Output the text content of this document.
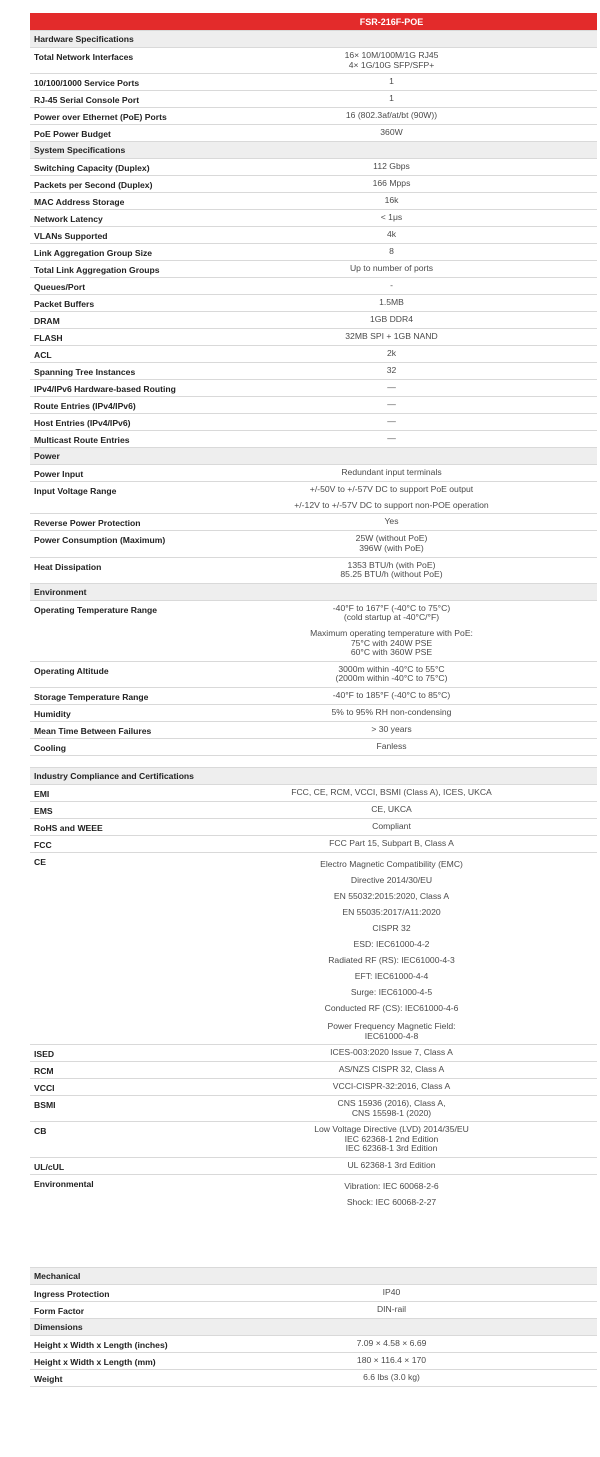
FSR-216F-POE
Hardware Specifications
Total Network Interfaces	16× 10M/100M/1G RJ45
4× 1G/10G SFP/SFP+
10/100/1000 Service Ports	1
RJ-45 Serial Console Port	1
Power over Ethernet (PoE) Ports	16 (802.3af/at/bt (90W))
PoE Power Budget	360W
System Specifications
Switching Capacity (Duplex)	112 Gbps
Packets per Second (Duplex)	166 Mpps
MAC Address Storage	16k
Network Latency	< 1μs
VLANs Supported	4k
Link Aggregation Group Size	8
Total Link Aggregation Groups	Up to number of ports
Queues/Port	-
Packet Buffers	1.5MB
DRAM	1GB DDR4
FLASH	32MB SPI + 1GB NAND
ACL	2k
Spanning Tree Instances	32
IPv4/IPv6 Hardware-based Routing	—
Route Entries (IPv4/IPv6)	—
Host Entries (IPv4/IPv6)	—
Multicast Route Entries	—
Power
Power Input	Redundant input terminals
Input Voltage Range	+/-50V to +/-57V DC to support PoE output
+/-12V to +/-57V DC to support non-POE operation
Reverse Power Protection	Yes
Power Consumption (Maximum)	25W (without PoE)
396W (with PoE)
Heat Dissipation	1353 BTU/h (with PoE)
85.25 BTU/h (without PoE)
Environment
Operating Temperature Range	-40°F to 167°F (-40°C to 75°C)
(cold startup at -40°C/°F)
Maximum operating temperature with PoE:
75°C with 240W PSE
60°C with 360W PSE
Operating Altitude	3000m within -40°C to 55°C
(2000m within -40°C to 75°C)
Storage Temperature Range	-40°F to 185°F (-40°C to 85°C)
Humidity	5% to 95% RH non-condensing
Mean Time Between Failures	> 30 years
Cooling	Fanless
Industry Compliance and Certifications
EMI	FCC, CE, RCM, VCCI, BSMI (Class A), ICES, UKCA
EMS	CE, UKCA
RoHS and WEEE	Compliant
FCC	FCC Part 15, Subpart B, Class A
CE	Electro Magnetic Compatibility (EMC)
Directive 2014/30/EU
EN 55032:2015:2020, Class A
EN 55035:2017/A11:2020
CISPR 32
ESD: IEC61000-4-2
Radiated RF (RS): IEC61000-4-3
EFT: IEC61000-4-4
Surge: IEC61000-4-5
Conducted RF (CS): IEC61000-4-6
Power Frequency Magnetic Field:
IEC61000-4-8
ISED	ICES-003:2020 Issue 7, Class A
RCM	AS/NZS CISPR 32, Class A
VCCI	VCCI-CISPR-32:2016, Class A
BSMI	CNS 15936 (2016), Class A,
CNS 15598-1 (2020)
CB	Low Voltage Directive (LVD) 2014/35/EU
IEC 62368-1 2nd Edition
IEC 62368-1 3rd Edition
UL/cUL	UL 62368-1 3rd Edition
Environmental	Vibration: IEC 60068-2-6
Shock: IEC 60068-2-27
Mechanical
Ingress Protection	IP40
Form Factor	DIN-rail
Dimensions
Height x Width x Length (inches)	7.09 × 4.58 × 6.69
Height x Width x Length (mm)	180 × 116.4 × 170
Weight	6.6 lbs (3.0 kg)
